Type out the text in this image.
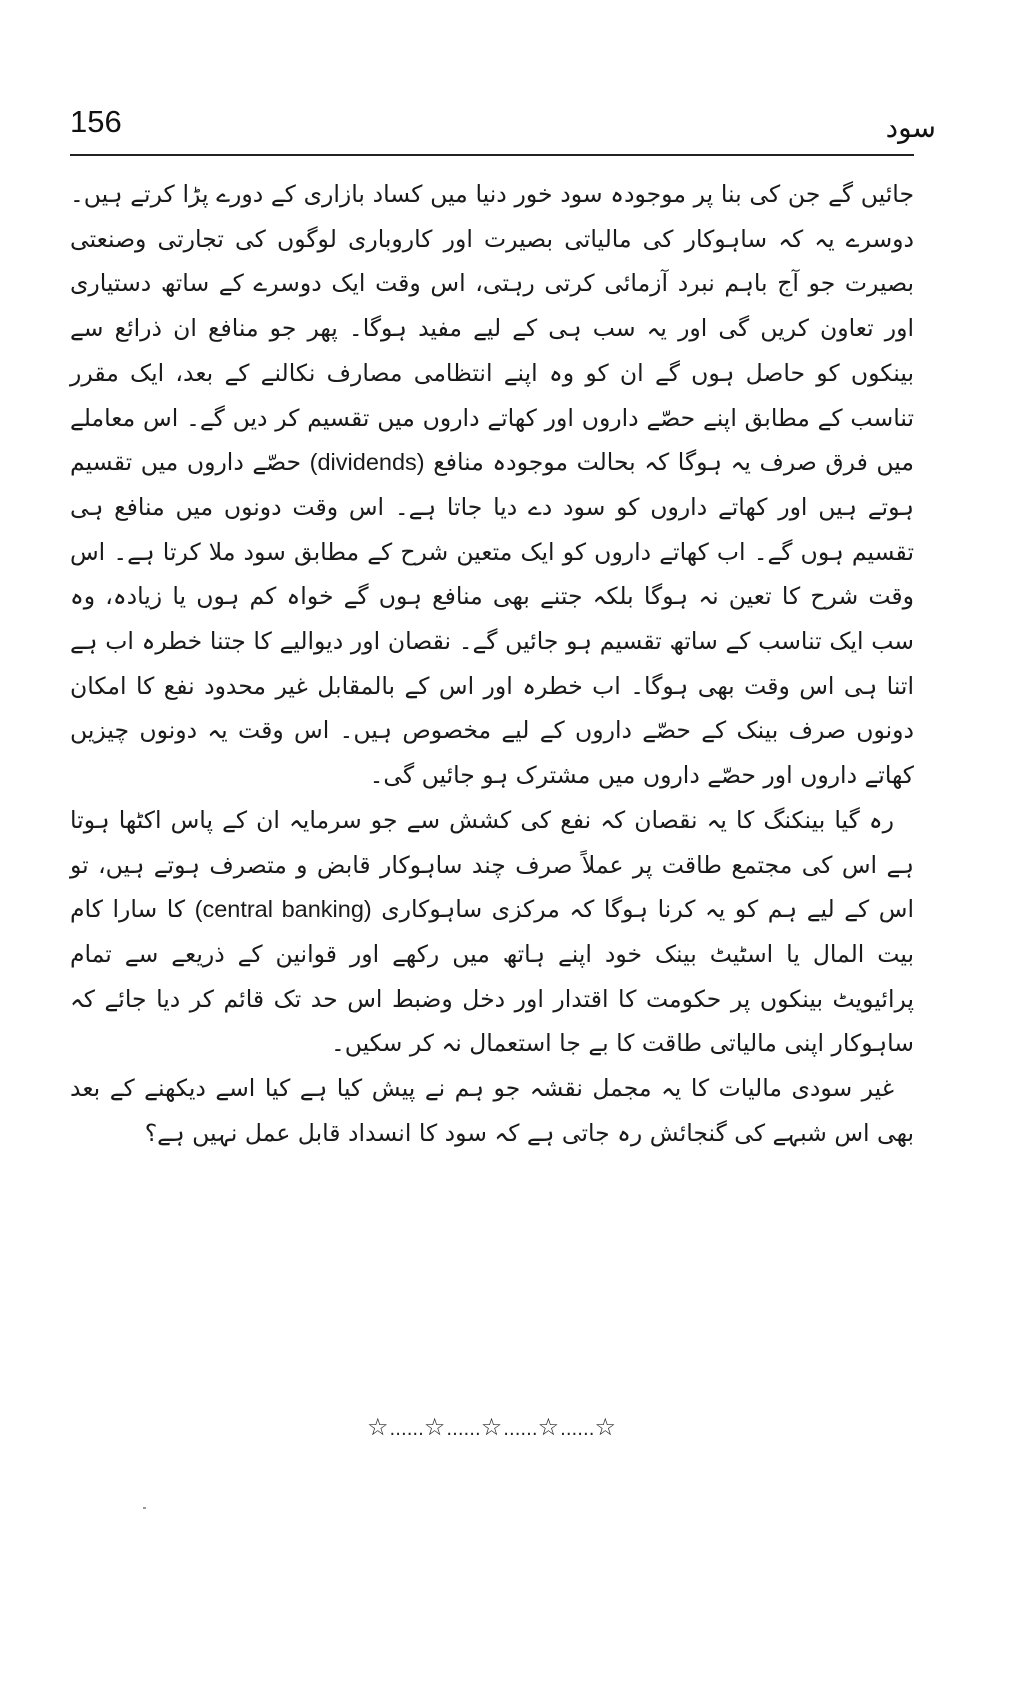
156	سود

جائیں گے جن کی بنا پر موجودہ سود خور دنیا میں کساد بازاری کے دورے پڑا کرتے ہیں۔ دوسرے یہ کہ ساہوکار کی مالیاتی بصیرت اور کاروباری لوگوں کی تجارتی وصنعتی بصیرت جو آج باہم نبرد آزمائی کرتی رہتی، اس وقت ایک دوسرے کے ساتھ دستیاری اور تعاون کریں گی اور یہ سب ہی کے لیے مفید ہوگا۔ پھر جو منافع ان ذرائع سے بینکوں کو حاصل ہوں گے ان کو وہ اپنے انتظامی مصارف نکالنے کے بعد، ایک مقرر تناسب کے مطابق اپنے حصّے داروں اور کھاتے داروں میں تقسیم کر دیں گے۔ اس معاملے میں فرق صرف یہ ہوگا کہ بحالت موجودہ منافع (dividends) حصّے داروں میں تقسیم ہوتے ہیں اور کھاتے داروں کو سود دے دیا جاتا ہے۔ اس وقت دونوں میں منافع ہی تقسیم ہوں گے۔ اب کھاتے داروں کو ایک متعین شرح کے مطابق سود ملا کرتا ہے۔ اس وقت شرح کا تعین نہ ہوگا بلکہ جتنے بھی منافع ہوں گے خواہ کم ہوں یا زیادہ، وہ سب ایک تناسب کے ساتھ تقسیم ہو جائیں گے۔ نقصان اور دیوالیے کا جتنا خطرہ اب ہے اتنا ہی اس وقت بھی ہوگا۔ اب خطرہ اور اس کے بالمقابل غیر محدود نفع کا امکان دونوں صرف بینک کے حصّے داروں کے لیے مخصوص ہیں۔ اس وقت یہ دونوں چیزیں کھاتے داروں اور حصّے داروں میں مشترک ہو جائیں گی۔

رہ گیا بینکنگ کا یہ نقصان کہ نفع کی کشش سے جو سرمایہ ان کے پاس اکٹھا ہوتا ہے اس کی مجتمع طاقت پر عملاً صرف چند ساہوکار قابض و متصرف ہوتے ہیں، تو اس کے لیے ہم کو یہ کرنا ہوگا کہ مرکزی ساہوکاری (central banking) کا سارا کام بیت المال یا اسٹیٹ بینک خود اپنے ہاتھ میں رکھے اور قوانین کے ذریعے سے تمام پرائیویٹ بینکوں پر حکومت کا اقتدار اور دخل وضبط اس حد تک قائم کر دیا جائے کہ ساہوکار اپنی مالیاتی طاقت کا بے جا استعمال نہ کر سکیں۔

غیر سودی مالیات کا یہ مجمل نقشہ جو ہم نے پیش کیا ہے کیا اسے دیکھنے کے بعد بھی اس شبہے کی گنجائش رہ جاتی ہے کہ سود کا انسداد قابل عمل نہیں ہے؟

☆......☆......☆......☆......☆
